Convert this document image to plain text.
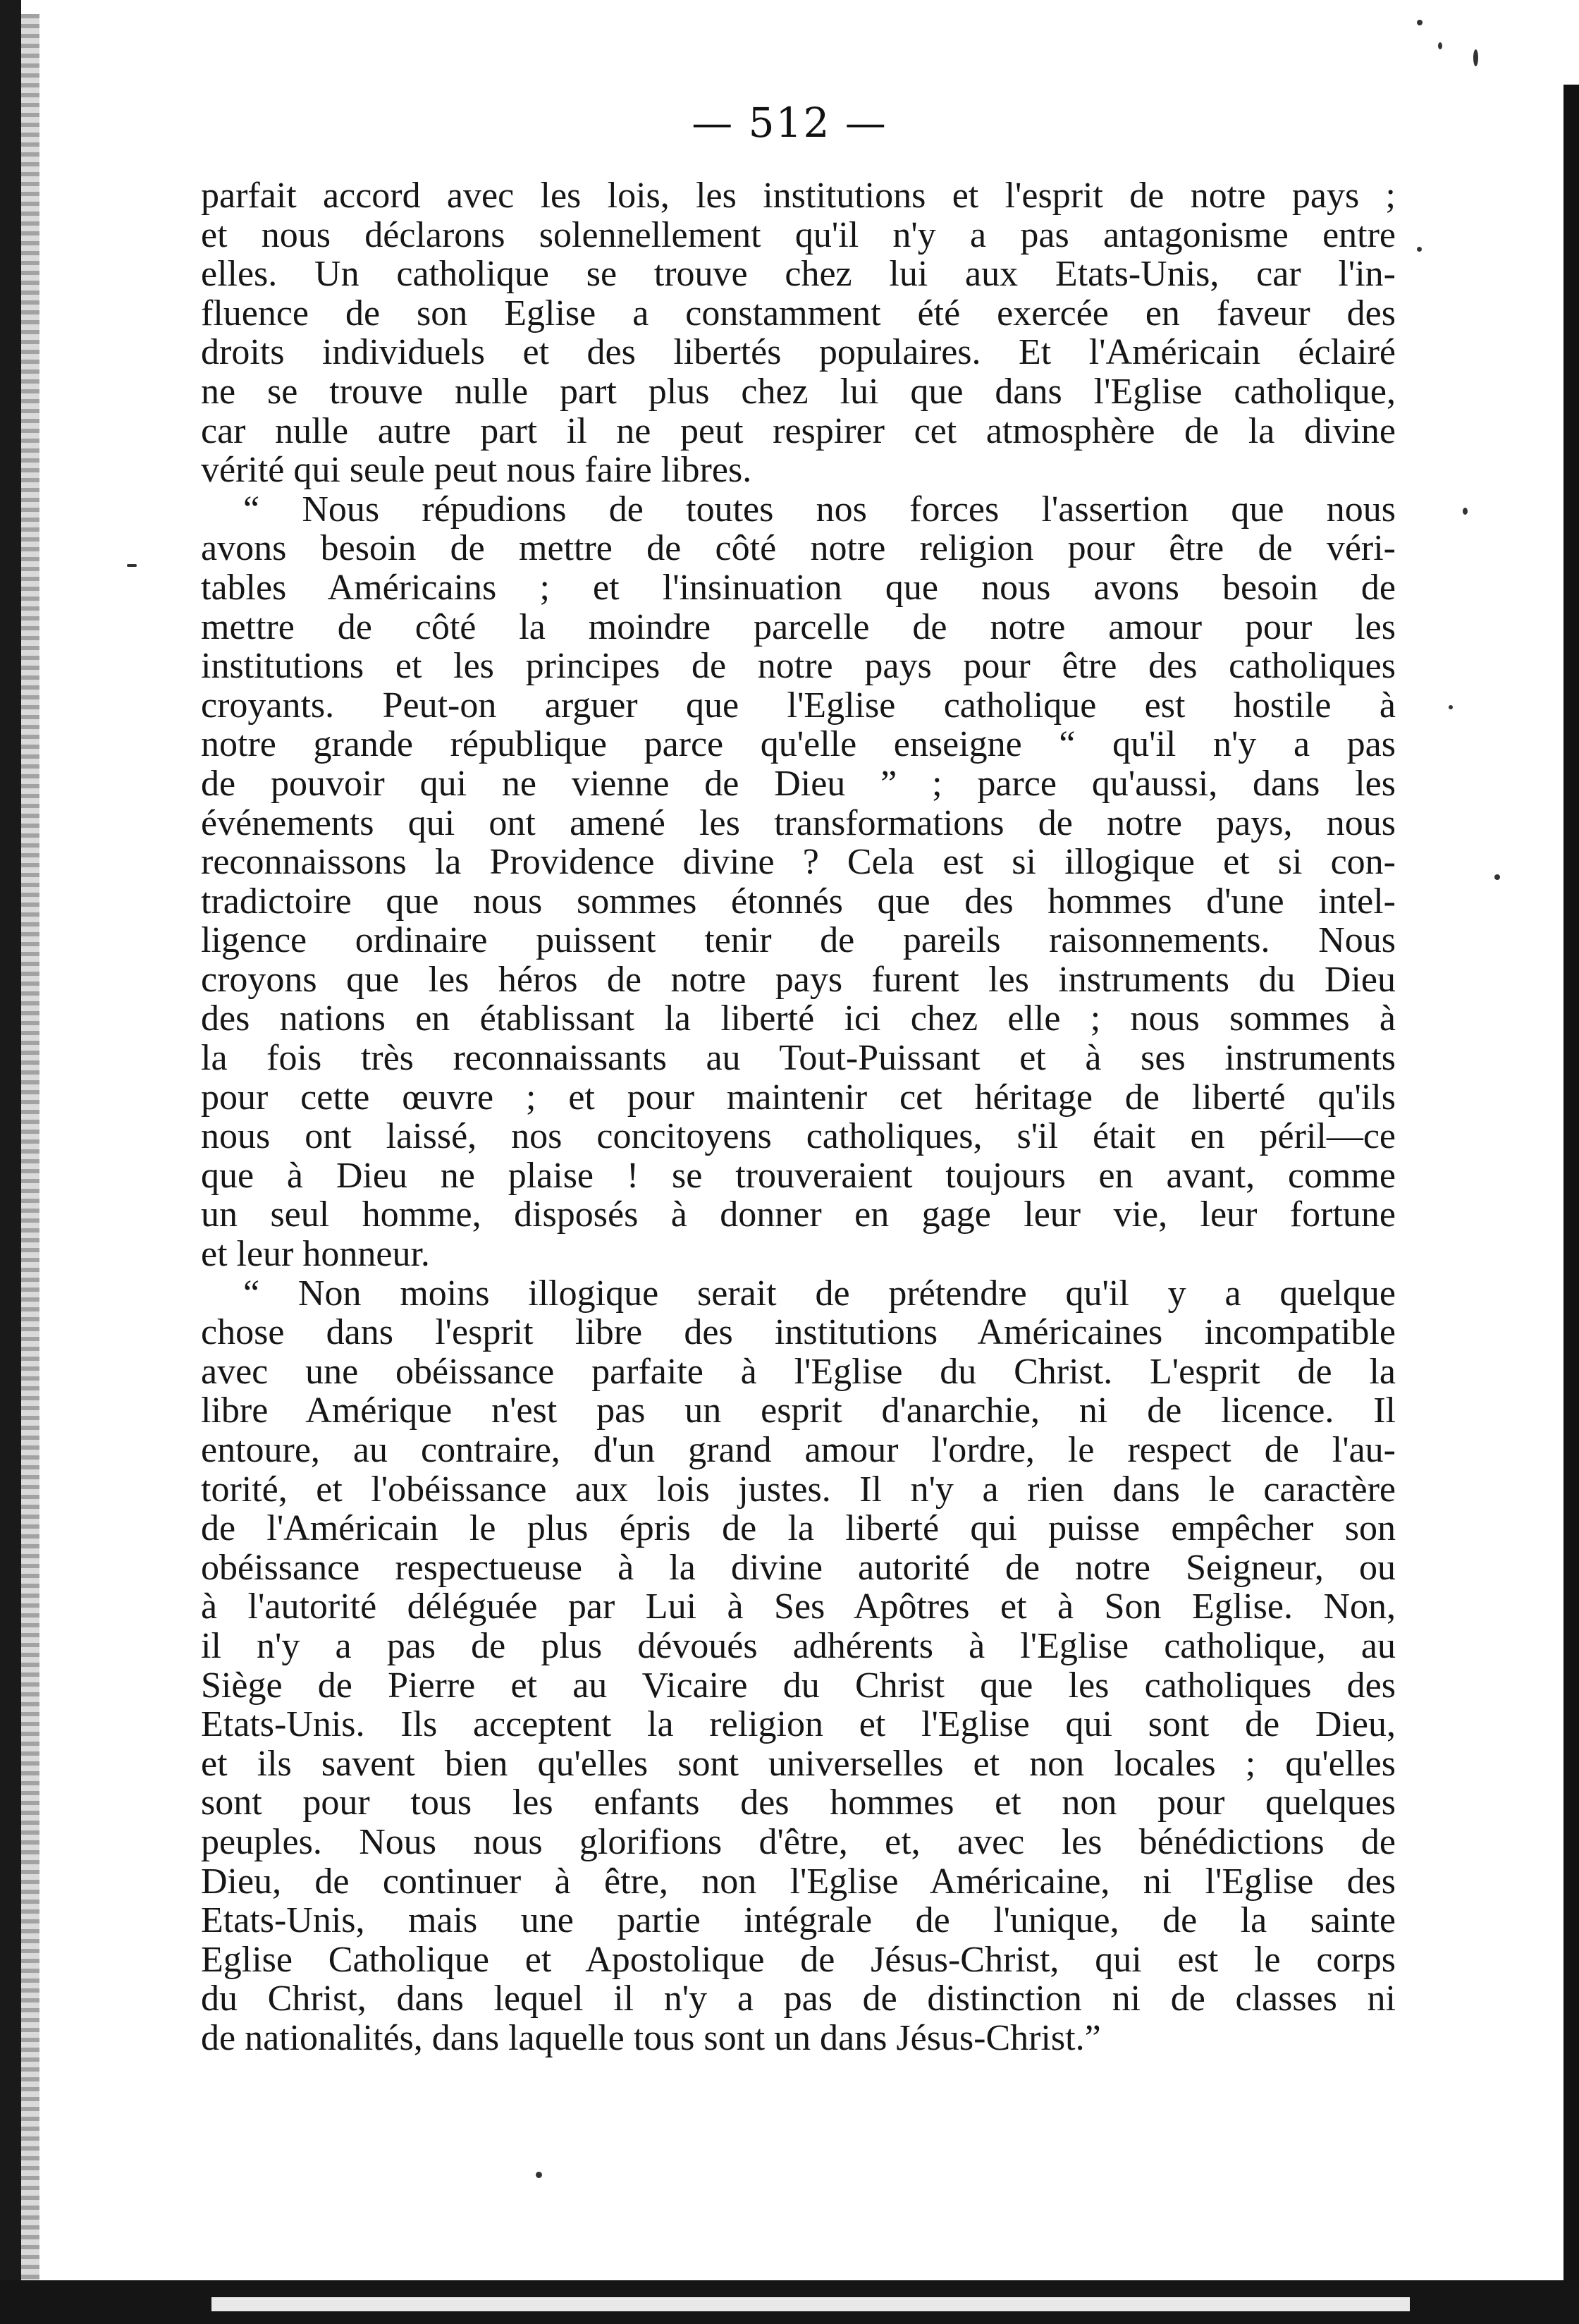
— 512 —
parfait accord avec les lois, les institutions et l'esprit de notre pays ;
et nous déclarons solennellement qu'il n'y a pas antagonisme entre
elles. Un catholique se trouve chez lui aux Etats-Unis, car l'in-
fluence de son Eglise a constamment été exercée en faveur des
droits individuels et des libertés populaires. Et l'Américain éclairé
ne se trouve nulle part plus chez lui que dans l'Eglise catholique,
car nulle autre part il ne peut respirer cet atmosphère de la divine
vérité qui seule peut nous faire libres.
“ Nous répudions de toutes nos forces l'assertion que nous
avons besoin de mettre de côté notre religion pour être de véri-
tables Américains ; et l'insinuation que nous avons besoin de
mettre de côté la moindre parcelle de notre amour pour les
institutions et les principes de notre pays pour être des catholiques
croyants. Peut-on arguer que l'Eglise catholique est hostile à
notre grande république parce qu'elle enseigne “ qu'il n'y a pas
de pouvoir qui ne vienne de Dieu ” ; parce qu'aussi, dans les
événements qui ont amené les transformations de notre pays, nous
reconnaissons la Providence divine ? Cela est si illogique et si con-
tradictoire que nous sommes étonnés que des hommes d'une intel-
ligence ordinaire puissent tenir de pareils raisonnements. Nous
croyons que les héros de notre pays furent les instruments du Dieu
des nations en établissant la liberté ici chez elle ; nous sommes à
la fois très reconnaissants au Tout-Puissant et à ses instruments
pour cette œuvre ; et pour maintenir cet héritage de liberté qu'ils
nous ont laissé, nos concitoyens catholiques, s'il était en péril—ce
que à Dieu ne plaise ! se trouveraient toujours en avant, comme
un seul homme, disposés à donner en gage leur vie, leur fortune
et leur honneur.
“ Non moins illogique serait de prétendre qu'il y a quelque
chose dans l'esprit libre des institutions Américaines incompatible
avec une obéissance parfaite à l'Eglise du Christ. L'esprit de la
libre Amérique n'est pas un esprit d'anarchie, ni de licence. Il
entoure, au contraire, d'un grand amour l'ordre, le respect de l'au-
torité, et l'obéissance aux lois justes. Il n'y a rien dans le caractère
de l'Américain le plus épris de la liberté qui puisse empêcher son
obéissance respectueuse à la divine autorité de notre Seigneur, ou
à l'autorité déléguée par Lui à Ses Apôtres et à Son Eglise. Non,
il n'y a pas de plus dévoués adhérents à l'Eglise catholique, au
Siège de Pierre et au Vicaire du Christ que les catholiques des
Etats-Unis. Ils acceptent la religion et l'Eglise qui sont de Dieu,
et ils savent bien qu'elles sont universelles et non locales ; qu'elles
sont pour tous les enfants des hommes et non pour quelques
peuples. Nous nous glorifions d'être, et, avec les bénédictions de
Dieu, de continuer à être, non l'Eglise Américaine, ni l'Eglise des
Etats-Unis, mais une partie intégrale de l'unique, de la sainte
Eglise Catholique et Apostolique de Jésus-Christ, qui est le corps
du Christ, dans lequel il n'y a pas de distinction ni de classes ni
de nationalités, dans laquelle tous sont un dans Jésus-Christ.”
